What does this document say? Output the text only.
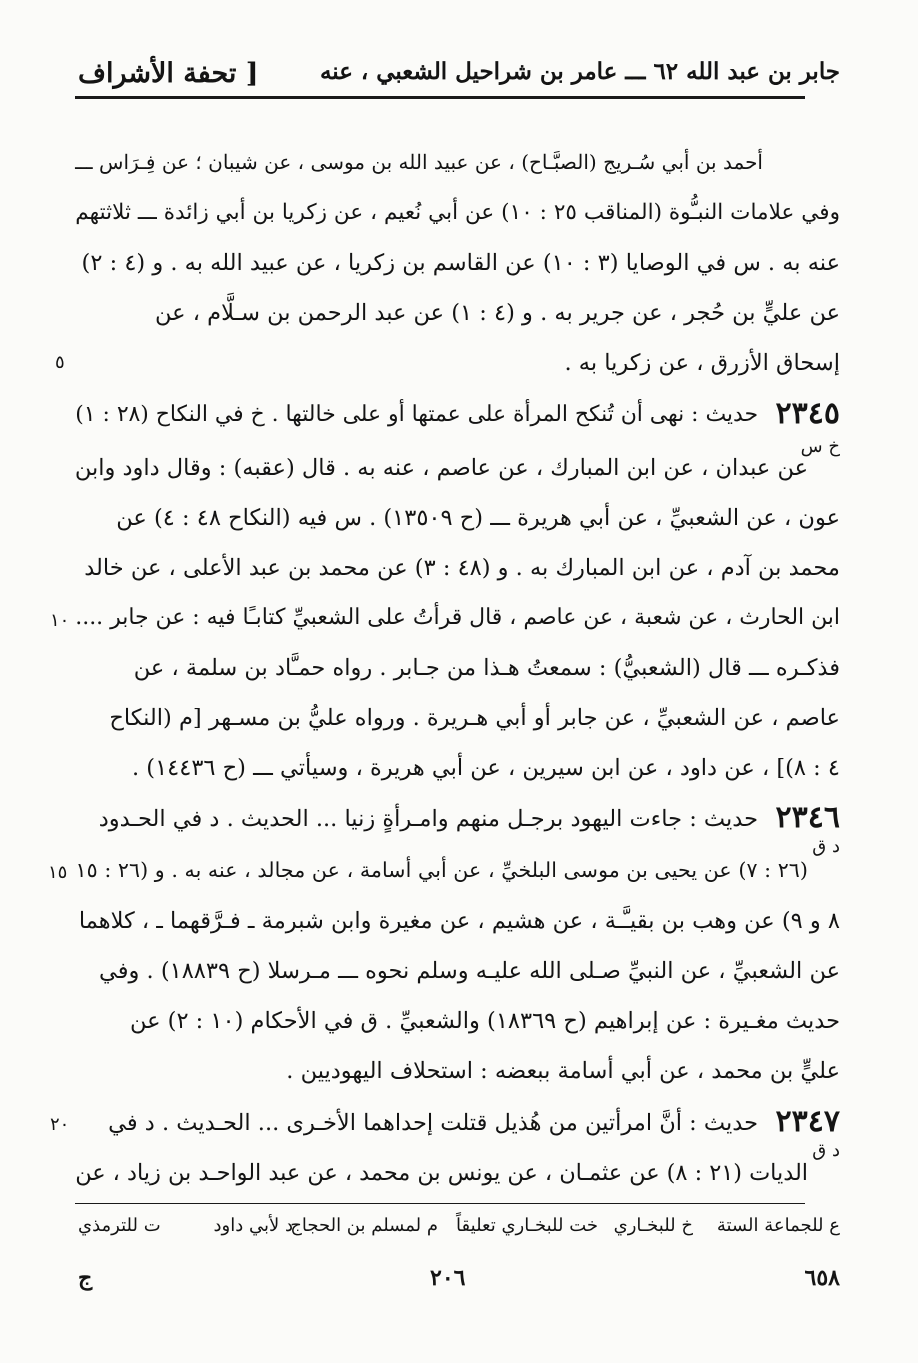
جابر بن عبد الله ٦٢ ـــ عامر بن شراحيل الشعبي ، عنه
[ تحفة الأشراف
أحمد بن أبي سُـريج (الصبَّـاح) ، عن عبيد الله بن موسى ، عن شيبان ؛ عن فِـرَاس ـــ
وفي علامات النبـُّوة (المناقب ٢٥ : ١٠) عن أبي نُعيم ، عن زكريا بن أبي زائدة ـــ ثلاثتهم
عنه به . س في الوصايا (٣ : ١٠) عن القاسم بن زكريا ، عن عبيد الله به . و (٤ : ٢)
عن عليٍّ بن حُجر ، عن جرير به . و (٤ : ١) عن عبد الرحمن بن سـلَّام ، عن
إسحاق الأزرق ، عن زكريا به .
٢٣٤٥
حديث : نهى أن تُنكح المرأة على عمتها أو على خالتها . خ في النكاح (٢٨ : ١)
عن عبدان ، عن ابن المبارك ، عن عاصم ، عنه به . قال (عقبه) : وقال داود وابن
عون ، عن الشعبيِّ ، عن أبي هريرة ـــ (ح ١٣٥٠٩) . س فيه (النكاح ٤٨ : ٤) عن
محمد بن آدم ، عن ابن المبارك به . و (٤٨ : ٣) عن محمد بن عبد الأعلى ، عن خالد
ابن الحارث ، عن شعبة ، عن عاصم ، قال قرأتُ على الشعبيِّ كتابـًا فيه : عن جابر ....
فذكـره ـــ قال (الشعبيُّ) : سمعتُ هـذا من جـابر . رواه حمـَّاد بن سلمة ، عن
عاصم ، عن الشعبيِّ ، عن جابر أو أبي هـريرة . ورواه عليُّ بن مسـهر [م (النكاح
٤ : ٨)] ، عن داود ، عن ابن سيرين ، عن أبي هريرة ، وسيأتي ـــ (ح ١٤٤٣٦) .
٢٣٤٦
حديث : جاءت اليهود برجـل منهم وامـرأةٍ زنيا ... الحديث . د في الحـدود
(٢٦ : ٧) عن يحيى بن موسى البلخيِّ ، عن أبي أسامة ، عن مجالد ، عنه به . و (٢٦ : ١٥
٨ و ٩) عن وهب بن بقيـَّـة ، عن هشيم ، عن مغيرة وابن شبرمة ـ فـرَّقهما ـ ، كلاهما
عن الشعبيِّ ، عن النبيِّ صـلى الله عليـه وسلم نحوه ـــ مـرسلا (ح ١٨٨٣٩) . وفي
حديث مغـيرة : عن إبراهيم (ح ١٨٣٦٩) والشعبيِّ . ق في الأحكام (١٠ : ٢) عن
عليٍّ بن محمد ، عن أبي أسامة ببعضه : استحلاف اليهوديين .
٢٣٤٧
حديث : أنَّ امرأتين من هُذيل قتلت إحداهما الأخـرى ... الحـديث . د في
الديات (٢١ : ٨) عن عثمـان ، عن يونس بن محمد ، عن عبد الواحـد بن زياد ، عن
٥
خ س
١٠
د ق
١٥
٢٠
د ق
ع للجماعة الستة
خ للبخـاري
خت للبخـاري تعليقاً
م لمسلم بن الحجاج
د لأبي داود
ت للترمذي
٦٥٨
٢٠٦
ج
